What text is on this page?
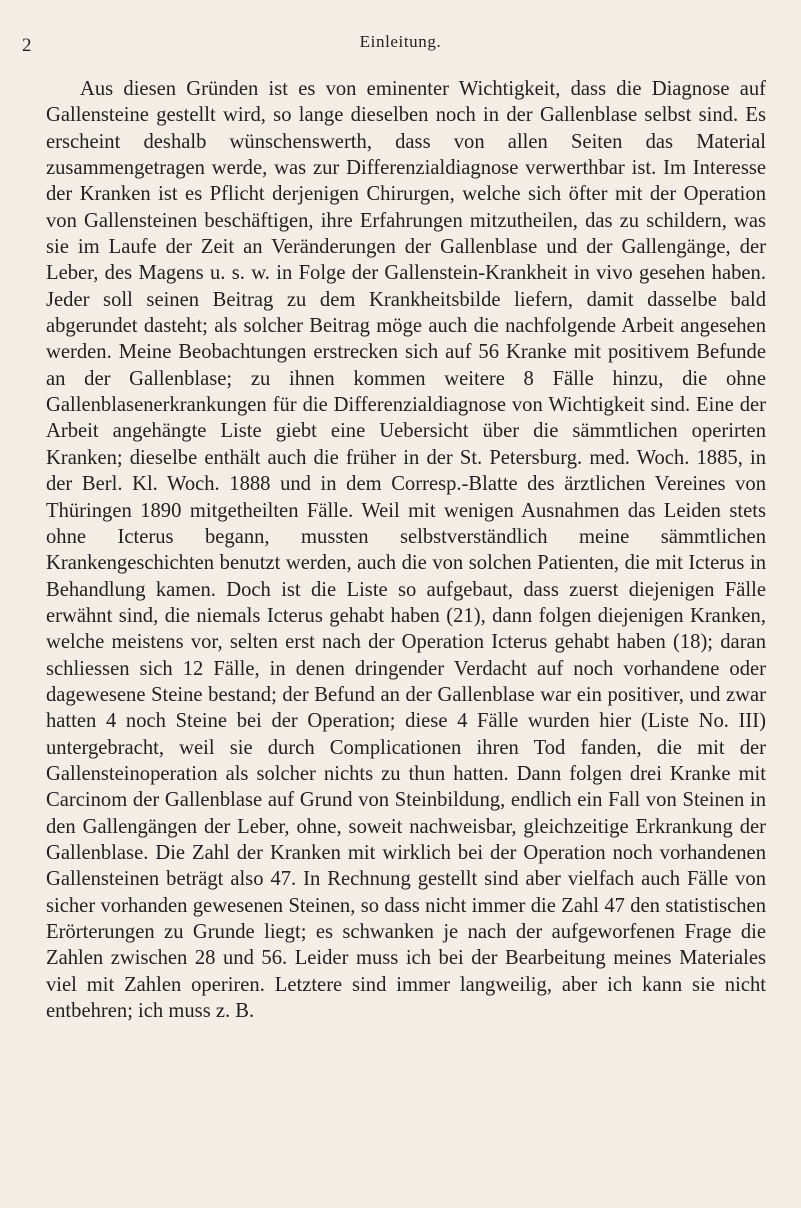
2	Einleitung.

Aus diesen Gründen ist es von eminenter Wichtigkeit, dass die Diagnose auf Gallensteine gestellt wird, so lange dieselben noch in der Gallenblase selbst sind. Es erscheint deshalb wünschenswerth, dass von allen Seiten das Material zusammengetragen werde, was zur Differenzialdiagnose verwerthbar ist. Im Interesse der Kranken ist es Pflicht derjenigen Chirurgen, welche sich öfter mit der Operation von Gallensteinen beschäftigen, ihre Erfahrungen mitzutheilen, das zu schildern, was sie im Laufe der Zeit an Veränderungen der Gallenblase und der Gallengänge, der Leber, des Magens u. s. w. in Folge der Gallenstein-Krankheit in vivo gesehen haben. Jeder soll seinen Beitrag zu dem Krankheitsbilde liefern, damit dasselbe bald abgerundet dasteht; als solcher Beitrag möge auch die nachfolgende Arbeit angesehen werden. Meine Beobachtungen erstrecken sich auf 56 Kranke mit positivem Befunde an der Gallenblase; zu ihnen kommen weitere 8 Fälle hinzu, die ohne Gallenblasenerkrankungen für die Differenzialdiagnose von Wichtigkeit sind. Eine der Arbeit angehängte Liste giebt eine Uebersicht über die sämmtlichen operirten Kranken; dieselbe enthält auch die früher in der St. Petersburg. med. Woch. 1885, in der Berl. Kl. Woch. 1888 und in dem Corresp.-Blatte des ärztlichen Vereines von Thüringen 1890 mitgetheilten Fälle. Weil mit wenigen Ausnahmen das Leiden stets ohne Icterus begann, mussten selbstverständlich meine sämmtlichen Krankengeschichten benutzt werden, auch die von solchen Patienten, die mit Icterus in Behandlung kamen. Doch ist die Liste so aufgebaut, dass zuerst diejenigen Fälle erwähnt sind, die niemals Icterus gehabt haben (21), dann folgen diejenigen Kranken, welche meistens vor, selten erst nach der Operation Icterus gehabt haben (18); daran schliessen sich 12 Fälle, in denen dringender Verdacht auf noch vorhandene oder dagewesene Steine bestand; der Befund an der Gallenblase war ein positiver, und zwar hatten 4 noch Steine bei der Operation; diese 4 Fälle wurden hier (Liste No. III) untergebracht, weil sie durch Complicationen ihren Tod fanden, die mit der Gallensteinoperation als solcher nichts zu thun hatten. Dann folgen drei Kranke mit Carcinom der Gallenblase auf Grund von Steinbildung, endlich ein Fall von Steinen in den Gallengängen der Leber, ohne, soweit nachweisbar, gleichzeitige Erkrankung der Gallenblase. Die Zahl der Kranken mit wirklich bei der Operation noch vorhandenen Gallensteinen beträgt also 47. In Rechnung gestellt sind aber vielfach auch Fälle von sicher vorhanden gewesenen Steinen, so dass nicht immer die Zahl 47 den statistischen Erörterungen zu Grunde liegt; es schwanken je nach der aufgeworfenen Frage die Zahlen zwischen 28 und 56. Leider muss ich bei der Bearbeitung meines Materiales viel mit Zahlen operiren. Letztere sind immer langweilig, aber ich kann sie nicht entbehren; ich muss z. B.
